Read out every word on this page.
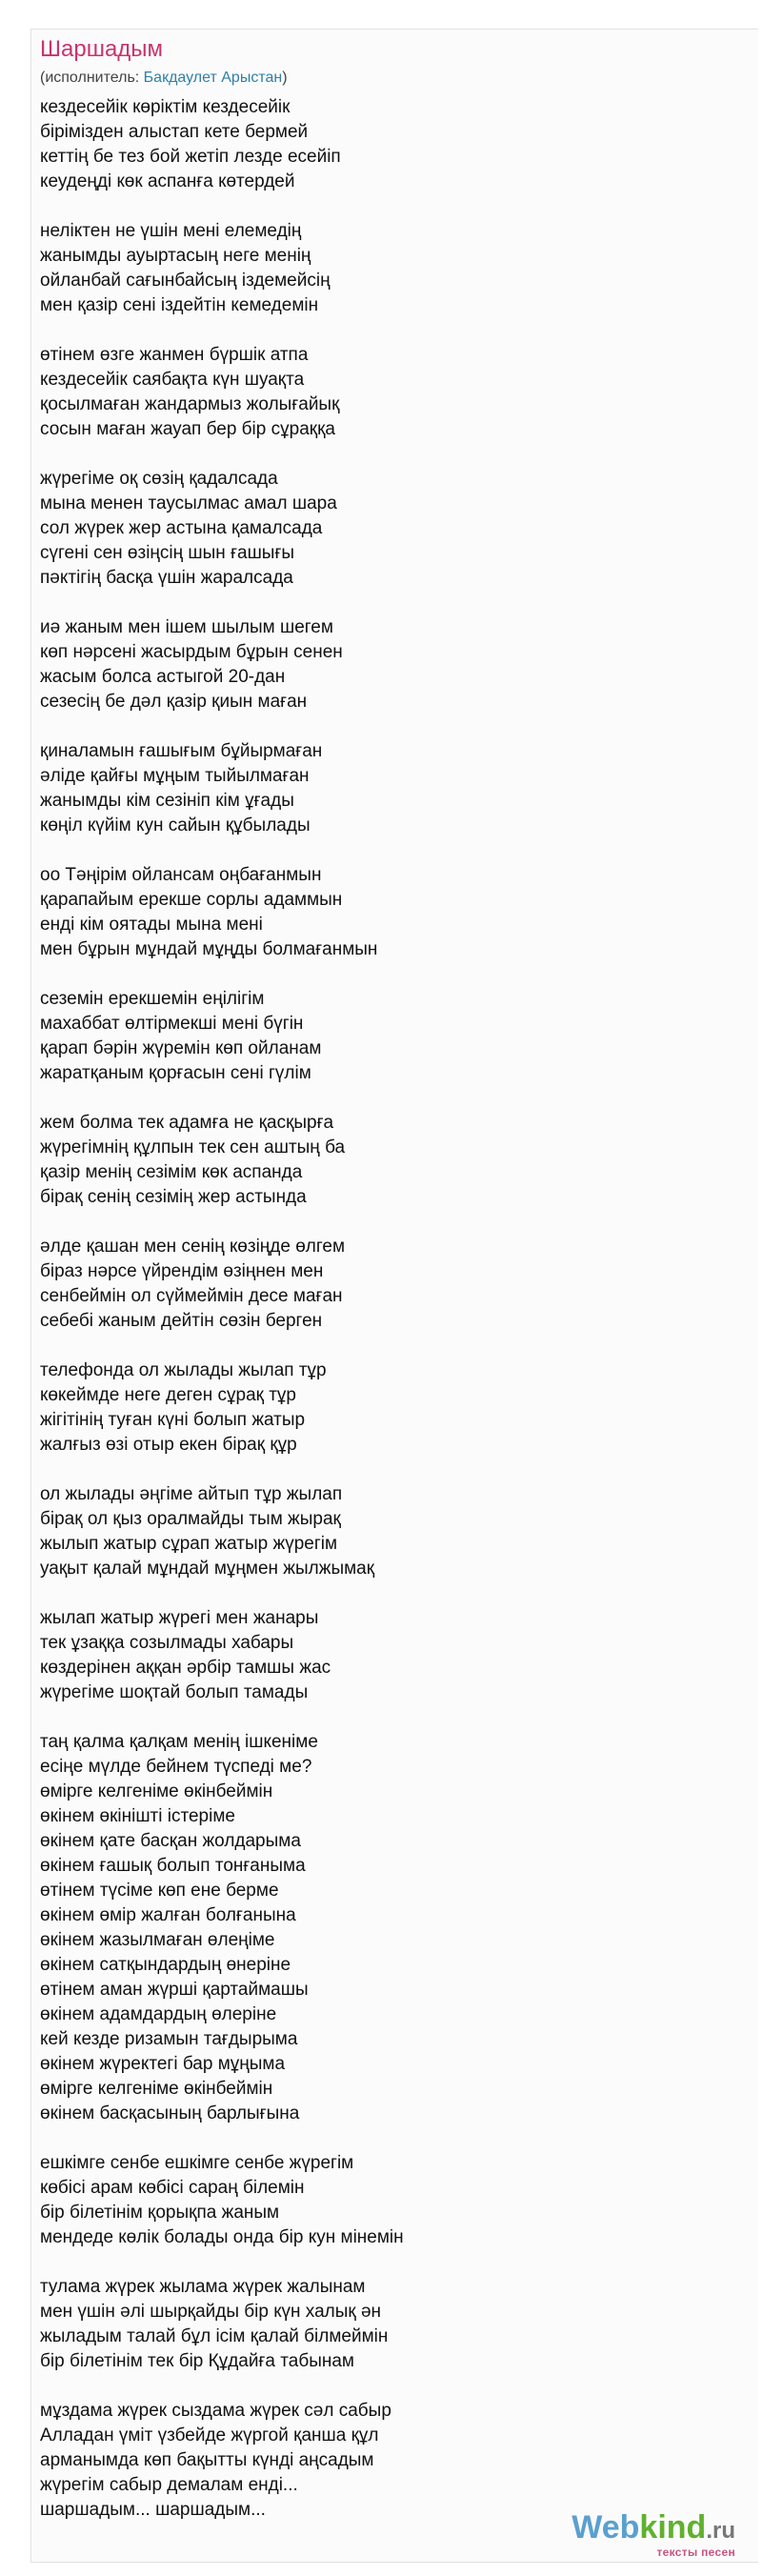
Шаршадым
(исполнитель: Бакдаулет Арыстан)
кездесейік көріктім кездесейік
бірімізден алыстап кете бермей
кеттің бе тез бой жетіп лезде есейіп
кеудеңді көк аспанға көтердей
неліктен не үшін мені елемедің
жанымды ауыртасың неге менің
ойланбай сағынбайсың іздемейсің
мен қазір сені іздейтін кемедемін
өтінем өзге жанмен бүршік атпа
кездесейік саябақта күн шуақта
қосылмаған жандармыз жолығайық
сосын маған жауап бер бір сұраққа
жүрегіме оқ сөзің қадалсада
мына менен таусылмас амал шара
сол жүрек жер астына қамалсада
сүгені сен өзіңсің шын ғашығы
пәктігің басқа үшін жаралсада
иә жаным мен ішем шылым шегем
көп нәрсені жасырдым бұрын сенен
жасым болса астыгой 20-дан
сезесің бе дәл қазір қиын маған
қиналамын ғашығым бұйырмаған
әліде қайғы мұңым тыйылмаған
жанымды кім сезініп кім ұғады
көңіл күйім кун сайын құбылады
оо Тәңірім ойлансам оңбағанмын
қарапайым ерекше сорлы адаммын
енді кім оятады мына мені
мен бұрын мұндай мұңды болмағанмын
сеземін ерекшемін еңілігім
махаббат өлтірмекші мені бүгін
қарап бәрін жүремін көп ойланам
жаратқаным қорғасын сені гүлім
жем болма тек адамға не қасқырға
жүрегімнің құлпын тек сен аштың ба
қазір менің сезімім көк аспанда
бірақ сенің сезімің жер астында
әлде қашан мен сенің көзіңде өлгем
біраз нәрсе үйрендім өзіңнен мен
сенбеймін ол сүймеймін десе маған
себебі жаным дейтін сөзін берген
телефонда ол жылады жылап тұр
көкеймде неге деген сұрақ тұр
жігітінің туған күні болып жатыр
жалғыз өзі отыр екен бірақ құр
ол жылады әңгіме айтып тұр жылап
бірақ ол қыз оралмайды тым жырақ
жылып жатыр сұрап жатыр жүрегім
уақыт қалай мұндай мұңмен жылжымақ
жылап жатыр жүрегі мен жанары
тек ұзаққа созылмады хабары
көздерінен аққан әрбір тамшы жас
жүрегіме шоқтай болып тамады
таң қалма қалқам менің ішкеніме
есіңе мүлде бейнем түспеді ме?
өмірге келгеніме өкінбеймін
өкінем өкінішті істеріме
өкінем қате басқан жолдарыма
өкінем ғашық болып тонғаныма
өтінем түсіме көп ене берме
өкінем өмір жалған болғанына
өкінем жазылмаған өлеңіме
өкінем сатқындардың өнеріне
өтінем аман жүрші қартаймашы
өкінем адамдардың өлеріне
кей кезде ризамын тағдырыма
өкінем жүректегі бар мұңыма
өмірге келгеніме өкінбеймін
өкінем басқасының барлығына
ешкімге сенбе ешкімге сенбе жүрегім
көбісі арам көбісі сараң білемін
бір білетінім қорықпа жаным
мендеде көлік болады онда бір кун мінемін
тулама жүрек жылама жүрек жалынам
мен үшін әлі шырқайды бір күн халық ән
жыладым талай бұл ісім қалай білмеймін
бір білетінім тек бір Құдайға табынам
мұздама жүрек сыздама жүрек сәл сабыр
Алладан үміт үзбейде жүргой қанша құл
арманымда көп бақытты күнді аңсадым
жүрегім сабыр демалам енді...
шаршадым... шаршадым...	Webkind.ru
тексты песен
